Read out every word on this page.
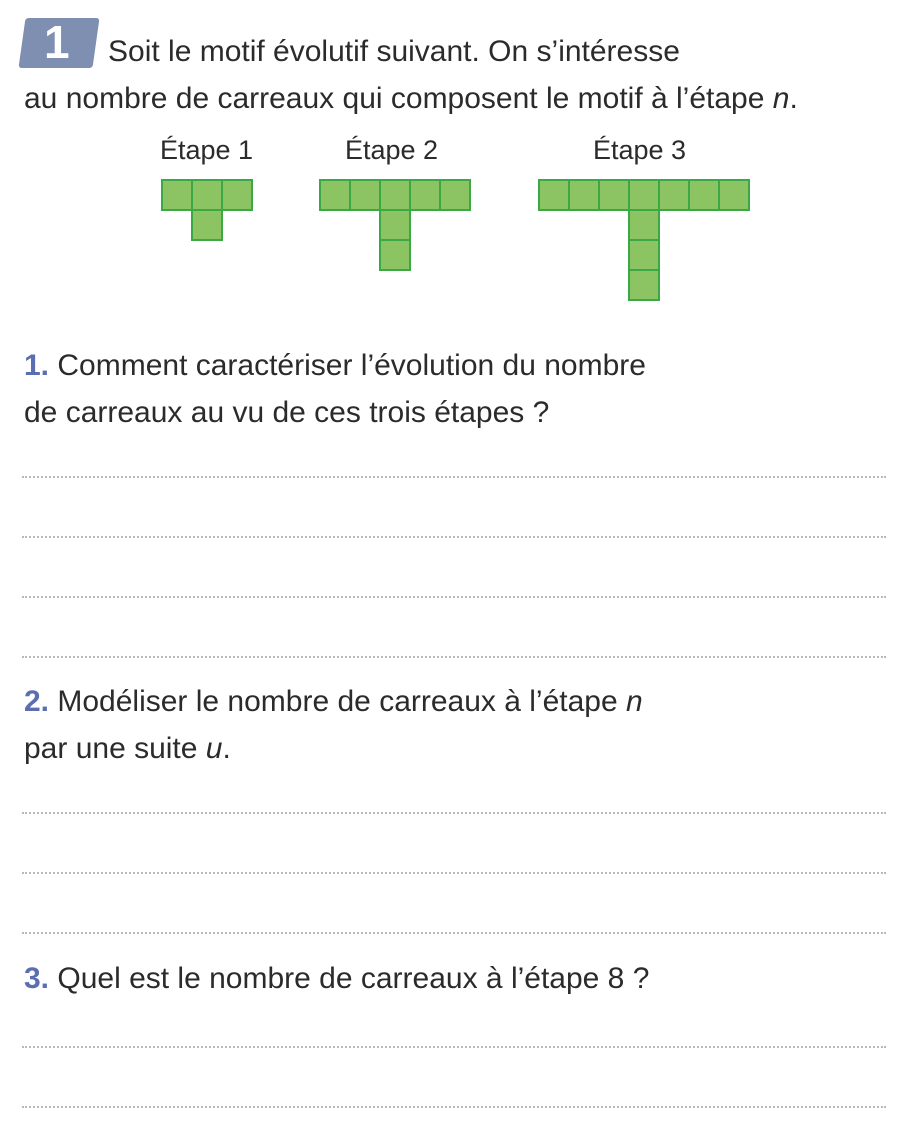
1	Soit le motif évolutif suivant. On s’intéresse
au nombre de carreaux qui composent le motif à l’étape n.
Étape 1	Étape 2	Étape 3
1. Comment caractériser l’évolution du nombre
de carreaux au vu de ces trois étapes ?
2. Modéliser le nombre de carreaux à l’étape n
par une suite u.
3. Quel est le nombre de carreaux à l’étape 8 ?
